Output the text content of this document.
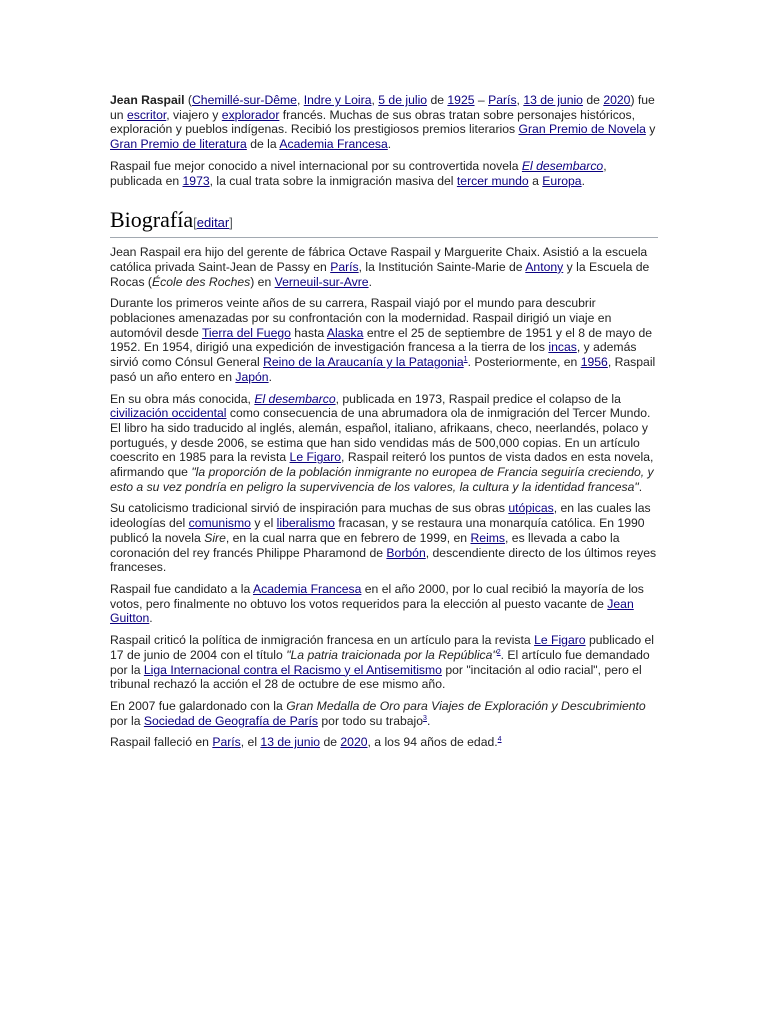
Jean Raspail (Chemillé-sur-Dême, Indre y Loira, 5 de julio de 1925 – París, 13 de junio de 2020) fue un escritor, viajero y explorador francés. Muchas de sus obras tratan sobre personajes históricos, exploración y pueblos indígenas. Recibió los prestigiosos premios literarios Gran Premio de Novela y Gran Premio de literatura de la Academia Francesa.

Raspail fue mejor conocido a nivel internacional por su controvertida novela El desembarco, publicada en 1973, la cual trata sobre la inmigración masiva del tercer mundo a Europa.

Biografía[editar]

Jean Raspail era hijo del gerente de fábrica Octave Raspail y Marguerite Chaix. Asistió a la escuela católica privada Saint-Jean de Passy en París, la Institución Sainte-Marie de Antony y la Escuela de Rocas (École des Roches) en Verneuil-sur-Avre.

Durante los primeros veinte años de su carrera, Raspail viajó por el mundo para descubrir poblaciones amenazadas por su confrontación con la modernidad. Raspail dirigió un viaje en automóvil desde Tierra del Fuego hasta Alaska entre el 25 de septiembre de 1951 y el 8 de mayo de 1952. En 1954, dirigió una expedición de investigación francesa a la tierra de los incas, y además sirvió como Cónsul General Reino de la Araucanía y la Patagonia$^1$. Posteriormente, en 1956, Raspail pasó un año entero en Japón.

En su obra más conocida, El desembarco, publicada en 1973, Raspail predice el colapso de la civilización occidental como consecuencia de una abrumadora ola de inmigración del Tercer Mundo. El libro ha sido traducido al inglés, alemán, español, italiano, afrikaans, checo, neerlandés, polaco y portugués, y desde 2006, se estima que han sido vendidas más de 500,000 copias. En un artículo coescrito en 1985 para la revista Le Figaro, Raspail reiteró los puntos de vista dados en esta novela, afirmando que "la proporción de la población inmigrante no europea de Francia seguiría creciendo, y esto a su vez pondría en peligro la supervivencia de los valores, la cultura y la identidad francesa".

Su catolicismo tradicional sirvió de inspiración para muchas de sus obras utópicas, en las cuales las ideologías del comunismo y el liberalismo fracasan, y se restaura una monarquía católica. En 1990 publicó la novela Sire, en la cual narra que en febrero de 1999, en Reims, es llevada a cabo la coronación del rey francés Philippe Pharamond de Borbón, descendiente directo de los últimos reyes franceses.

Raspail fue candidato a la Academia Francesa en el año 2000, por lo cual recibió la mayoría de los votos, pero finalmente no obtuvo los votos requeridos para la elección al puesto vacante de Jean Guitton.

Raspail criticó la política de inmigración francesa en un artículo para la revista Le Figaro publicado el 17 de junio de 2004 con el título "La patria traicionada por la República"$^2$. El artículo fue demandado por la Liga Internacional contra el Racismo y el Antisemitismo por "incitación al odio racial", pero el tribunal rechazó la acción el 28 de octubre de ese mismo año.

En 2007 fue galardonado con la Gran Medalla de Oro para Viajes de Exploración y Descubrimiento por la Sociedad de Geografía de París por todo su trabajo$^3$.

Raspail falleció en París, el 13 de junio de 2020, a los 94 años de edad.$^4$
